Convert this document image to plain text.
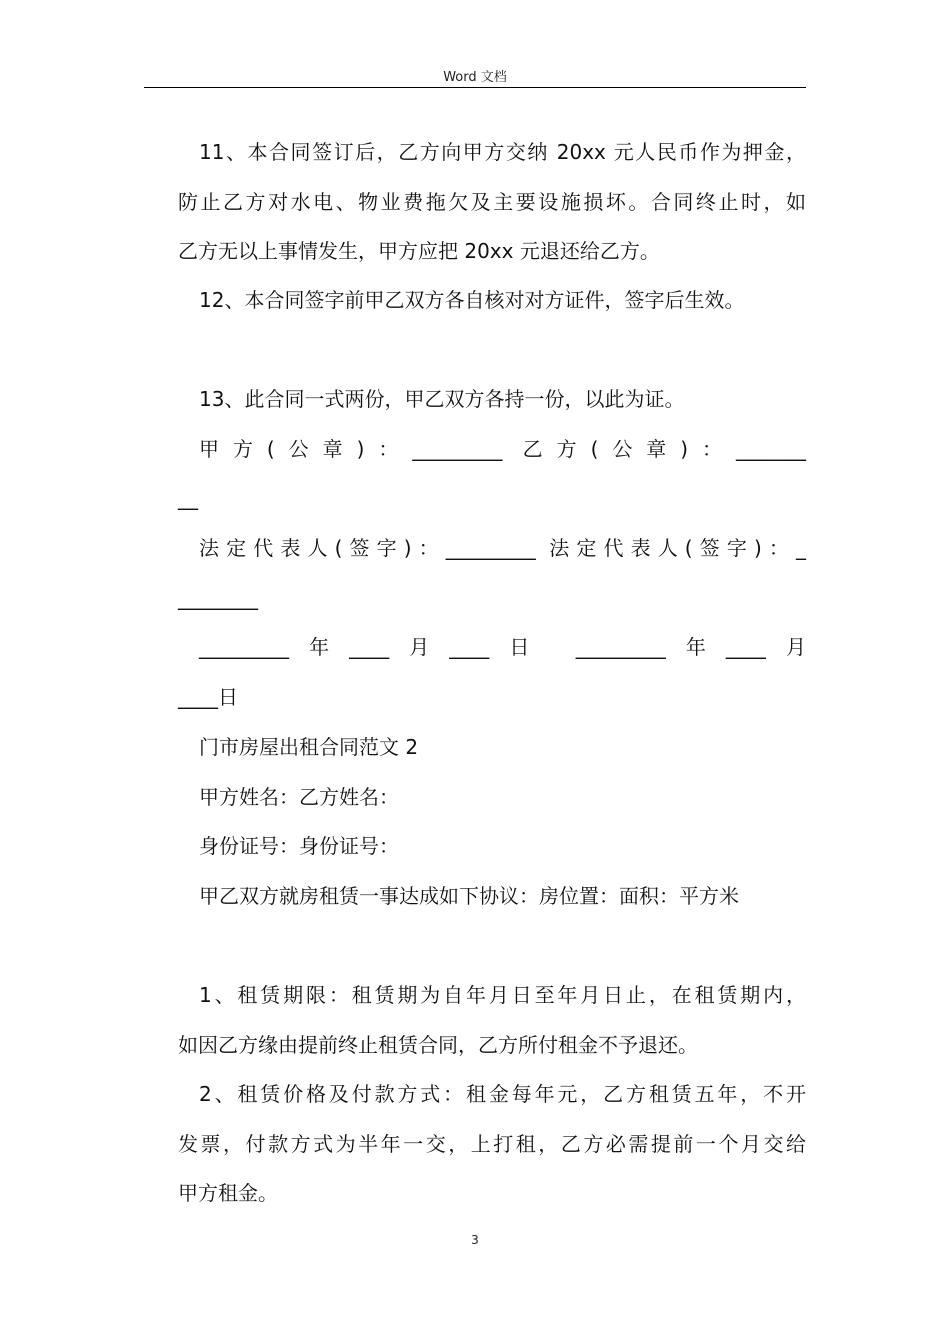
Word 文档
11、本合同签订后，乙方向甲方交纳 20xx 元人民币作为押金，
防止乙方对水电、物业费拖欠及主要设施损坏。合同终止时，如
乙方无以上事情发生，甲方应把 20xx 元退还给乙方。
12、本合同签字前甲乙双方各自核对对方证件，签字后生效。
13、此合同一式两份，甲乙双方各持一份，以此为证。
甲方(公章)：_________ 乙方(公章)：_______
__
法定代表人(签字)：_________ 法定代表人(签字)：_
________
_________年____月____日 _________年____月
____日
门市房屋出租合同范文 2
甲方姓名：乙方姓名：
身份证号：身份证号：
甲乙双方就房租赁一事达成如下协议：房位置：面积：平方米
1、租赁期限：租赁期为自年月日至年月日止，在租赁期内，
如因乙方缘由提前终止租赁合同，乙方所付租金不予退还。
2、租赁价格及付款方式：租金每年元，乙方租赁五年，不开
发票，付款方式为半年一交，上打租，乙方必需提前一个月交给
甲方租金。
3
